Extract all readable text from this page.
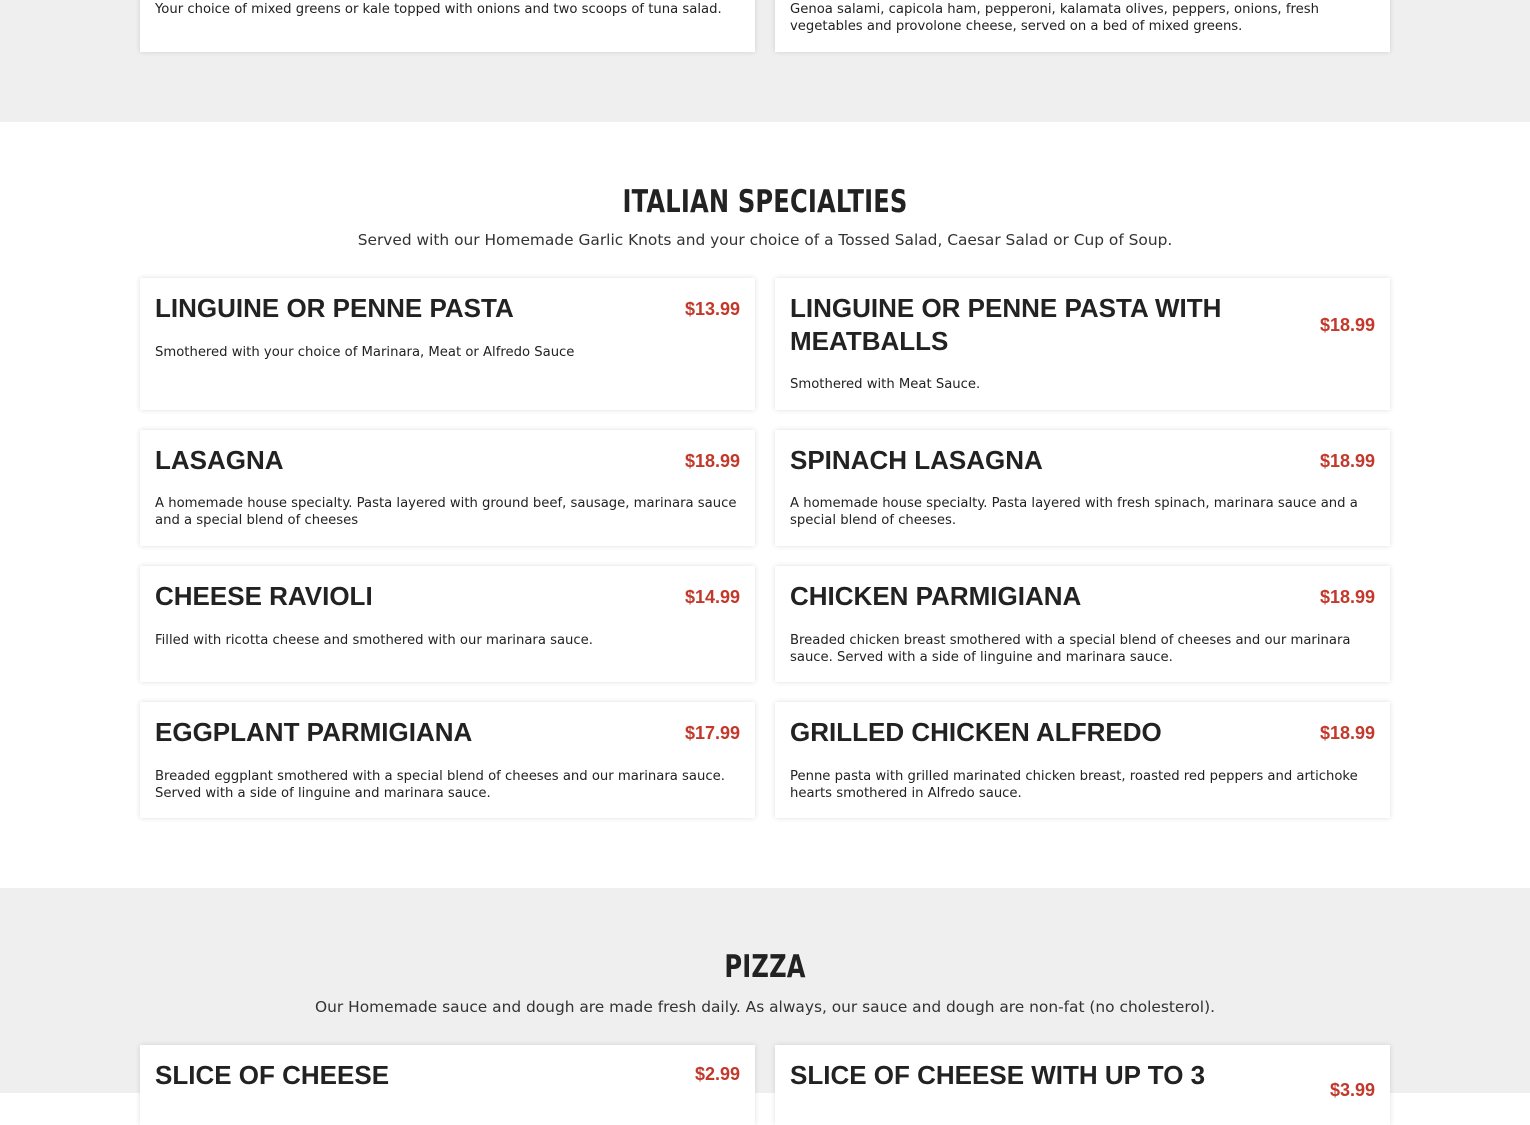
Your choice of mixed greens or kale topped with onions and two scoops of tuna salad.	Genoa salami, capicola ham, pepperoni, kalamata olives, peppers, onions, fresh vegetables and provolone cheese, served on a bed of mixed greens.

ITALIAN SPECIALTIES

Served with our Homemade Garlic Knots and your choice of a Tossed Salad, Caesar Salad or Cup of Soup.

LINGUINE OR PENNE PASTA	$13.99

Smothered with your choice of Marinara, Meat or Alfredo Sauce

LINGUINE OR PENNE PASTA WITH MEATBALLS
$18.99

Smothered with Meat Sauce.

LASAGNA	$18.99

A homemade house specialty. Pasta layered with ground beef, sausage, marinara sauce and a special blend of cheeses

SPINACH LASAGNA	$18.99

A homemade house specialty. Pasta layered with fresh spinach, marinara sauce and a special blend of cheeses.

CHEESE RAVIOLI	$14.99

Filled with ricotta cheese and smothered with our marinara sauce.

CHICKEN PARMIGIANA	$18.99

Breaded chicken breast smothered with a special blend of cheeses and our marinara sauce. Served with a side of linguine and marinara sauce.

EGGPLANT PARMIGIANA	$17.99

Breaded eggplant smothered with a special blend of cheeses and our marinara sauce. Served with a side of linguine and marinara sauce.

GRILLED CHICKEN ALFREDO	$18.99

Penne pasta with grilled marinated chicken breast, roasted red peppers and artichoke hearts smothered in Alfredo sauce.

PIZZA

Our Homemade sauce and dough are made fresh daily. As always, our sauce and dough are non-fat (no cholesterol).

SLICE OF CHEESE	$2.99 SLICE OF CHEESE WITH UP TO 3	$3.99
